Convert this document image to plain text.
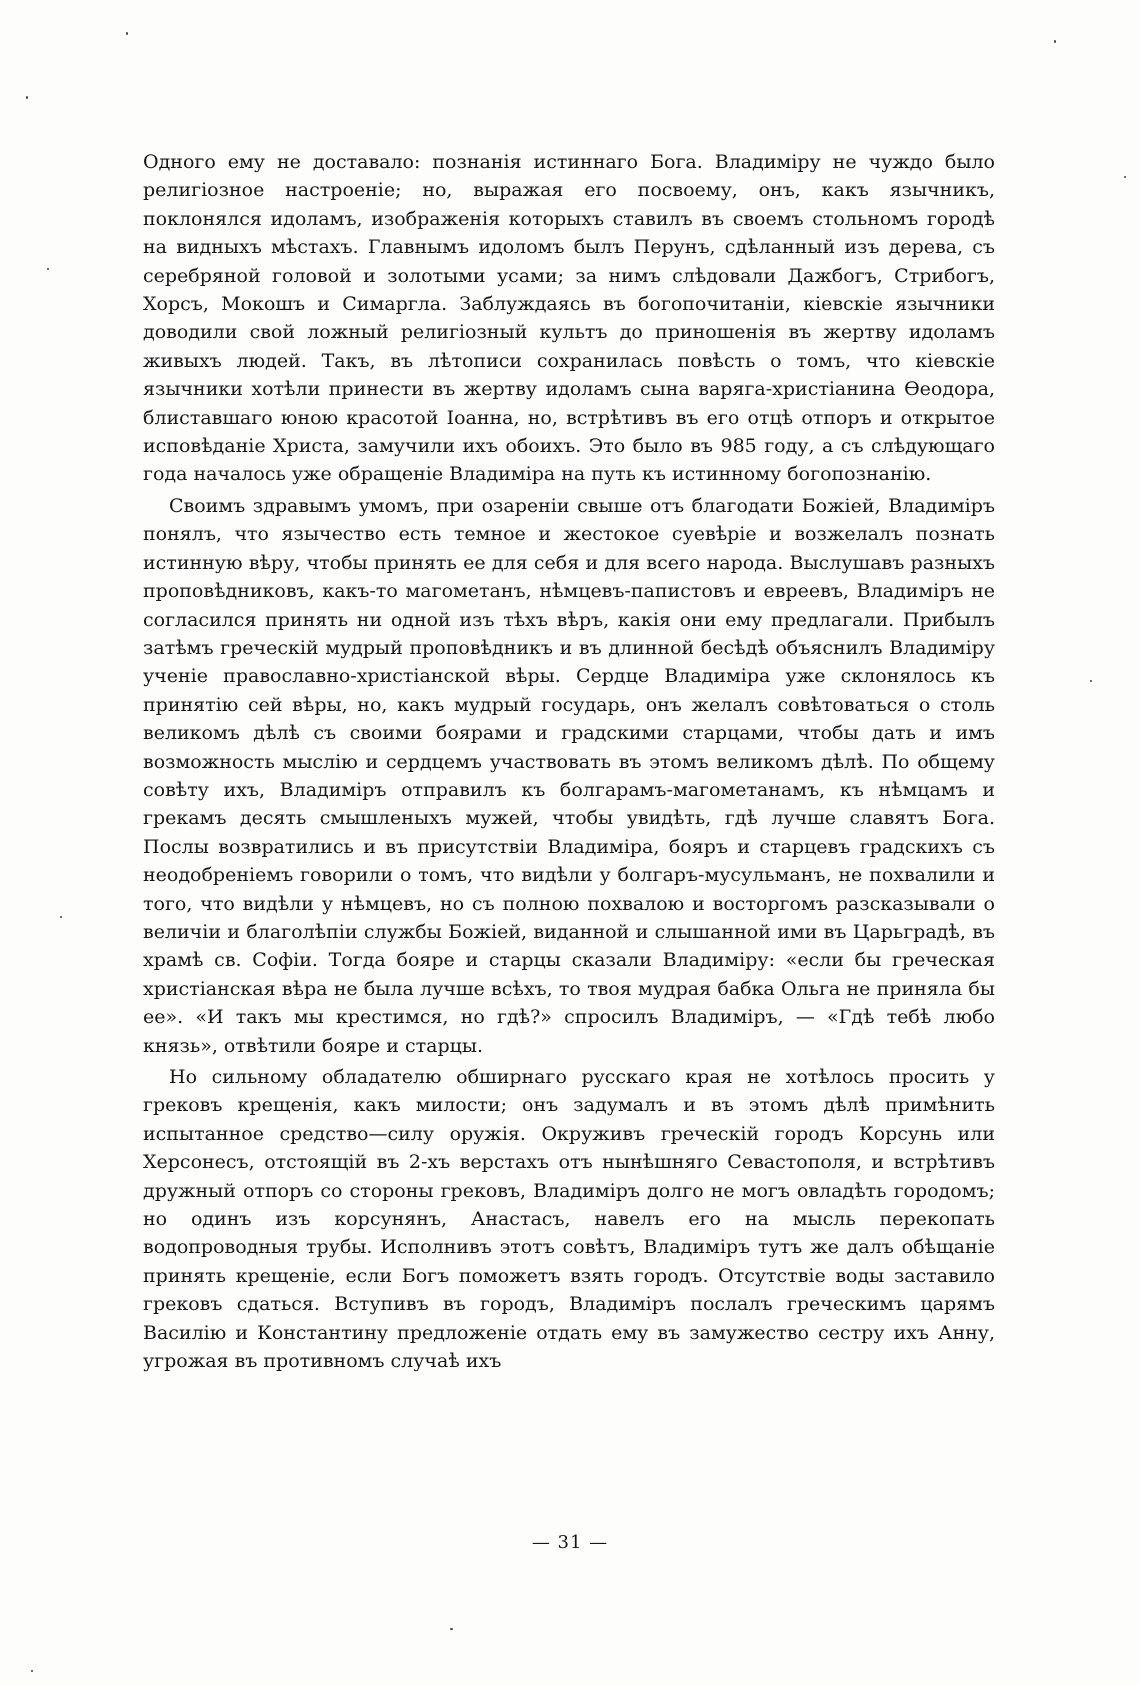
Одного ему не доставало: познанія истиннаго Бога. Владиміру не чуждо было религіозное настроеніе; но, выражая его посвоему, онъ, какъ язычникъ, поклонялся идоламъ, изображенія которыхъ ставилъ въ своемъ стольномъ городѣ на видныхъ мѣстахъ. Главнымъ идоломъ былъ Перунъ, сдѣланный изъ дерева, съ серебряной головой и золотыми усами; за нимъ слѣдовали Дажбогъ, Стрибогъ, Хорсъ, Мокошъ и Симаргла. Заблуждаясь въ богопочитаніи, кіевскіе язычники доводили свой ложный религіозный культъ до приношенія въ жертву идоламъ живыхъ людей. Такъ, въ лѣтописи сохранилась повѣсть о томъ, что кіевскіе язычники хотѣли принести въ жертву идоламъ сына варяга-христіанина Ѳеодора, блиставшаго юною красотой Іоанна, но, встрѣтивъ въ его отцѣ отпоръ и открытое исповѣданіе Христа, замучили ихъ обоихъ. Это было въ 985 году, а съ слѣдующаго года началось уже обращеніе Владиміра на путь къ истинному богопознанію.

Своимъ здравымъ умомъ, при озареніи свыше отъ благодати Божіей, Владиміръ понялъ, что язычество есть темное и жестокое суевѣріе и возжелалъ познать истинную вѣру, чтобы принять ее для себя и для всего народа. Выслушавъ разныхъ проповѣдниковъ, какъ-то магометанъ, нѣмцевъ-папистовъ и евреевъ, Владиміръ не согласился принять ни одной изъ тѣхъ вѣръ, какія они ему предлагали. Прибылъ затѣмъ греческій мудрый проповѣдникъ и въ длинной бесѣдѣ объяснилъ Владиміру ученіе православно-христіанской вѣры. Сердце Владиміра уже склонялось къ принятію сей вѣры, но, какъ мудрый государь, онъ желалъ совѣтоваться о столь великомъ дѣлѣ съ своими боярами и градскими старцами, чтобы дать и имъ возможность мыслію и сердцемъ участвовать въ этомъ великомъ дѣлѣ. По общему совѣту ихъ, Владиміръ отправилъ къ болгарамъ-магометанамъ, къ нѣмцамъ и грекамъ десять смышленыхъ мужей, чтобы увидѣть, гдѣ лучше славятъ Бога. Послы возвратились и въ присутствіи Владиміра, бояръ и старцевъ градскихъ съ неодобреніемъ говорили о томъ, что видѣли у болгаръ-мусульманъ, не похвалили и того, что видѣли у нѣмцевъ, но съ полною похвалою и восторгомъ разсказывали о величіи и благолѣпіи службы Божіей, виданной и слышанной ими въ Царьградѣ, въ храмѣ св. Софіи. Тогда бояре и старцы сказали Владиміру: «если бы греческая христіанская вѣра не была лучше всѣхъ, то твоя мудрая бабка Ольга не приняла бы ее». «И такъ мы крестимся, но гдѣ?» спросилъ Владиміръ, — «Гдѣ тебѣ любо князь», отвѣтили бояре и старцы.

Но сильному обладателю обширнаго русскаго края не хотѣлось просить у грековъ крещенія, какъ милости; онъ задумалъ и въ этомъ дѣлѣ примѣнить испытанное средство—силу оружія. Окруживъ греческій городъ Корсунь или Херсонесъ, отстоящій въ 2-хъ верстахъ отъ нынѣшняго Севастополя, и встрѣтивъ дружный отпоръ со стороны грековъ, Владиміръ долго не могъ овладѣть городомъ; но одинъ изъ корсунянъ, Анастасъ, навелъ его на мысль перекопать водопроводныя трубы. Исполнивъ этотъ совѣтъ, Владиміръ тутъ же далъ обѣщаніе принять крещеніе, если Богъ поможетъ взять городъ. Отсутствіе воды заставило грековъ сдаться. Вступивъ въ городъ, Владиміръ послалъ греческимъ царямъ Василію и Константину предложеніе отдать ему въ замужество сестру ихъ Анну, угрожая въ противномъ случаѣ ихъ

— 31 —
